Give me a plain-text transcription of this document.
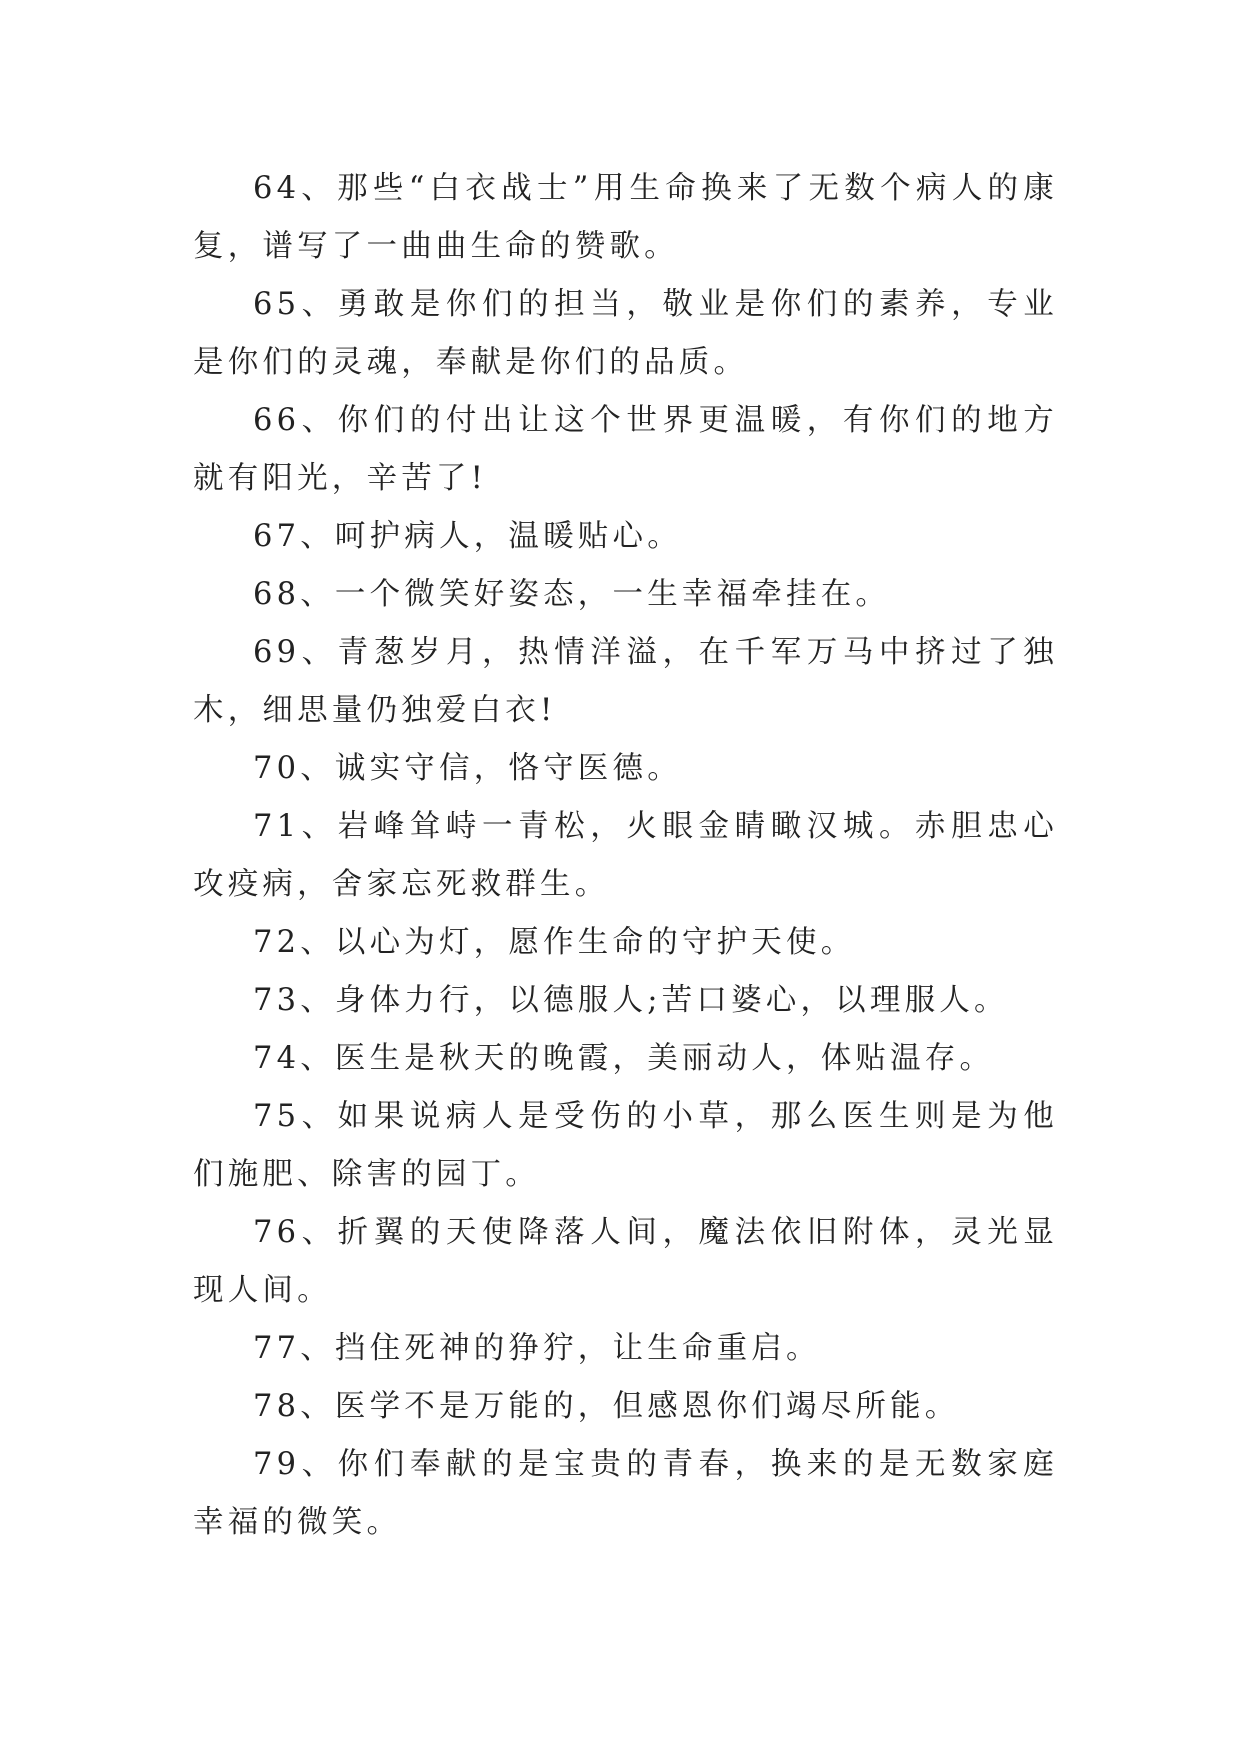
64、那些“白衣战士”用生命换来了无数个病人的康复，谱写了一曲曲生命的赞歌。

65、勇敢是你们的担当，敬业是你们的素养，专业是你们的灵魂，奉献是你们的品质。

66、你们的付出让这个世界更温暖，有你们的地方就有阳光，辛苦了!

67、呵护病人，温暖贴心。

68、一个微笑好姿态，一生幸福牵挂在。

69、青葱岁月，热情洋溢，在千军万马中挤过了独木，细思量仍独爱白衣!

70、诚实守信，恪守医德。

71、岩峰耸峙一青松，火眼金睛瞰汉城。赤胆忠心攻疫病，舍家忘死救群生。

72、以心为灯，愿作生命的守护天使。

73、身体力行，以德服人;苦口婆心，以理服人。

74、医生是秋天的晚霞，美丽动人，体贴温存。

75、如果说病人是受伤的小草，那么医生则是为他们施肥、除害的园丁。

76、折翼的天使降落人间，魔法依旧附体，灵光显现人间。

77、挡住死神的狰狞，让生命重启。

78、医学不是万能的，但感恩你们竭尽所能。

79、你们奉献的是宝贵的青春，换来的是无数家庭幸福的微笑。
